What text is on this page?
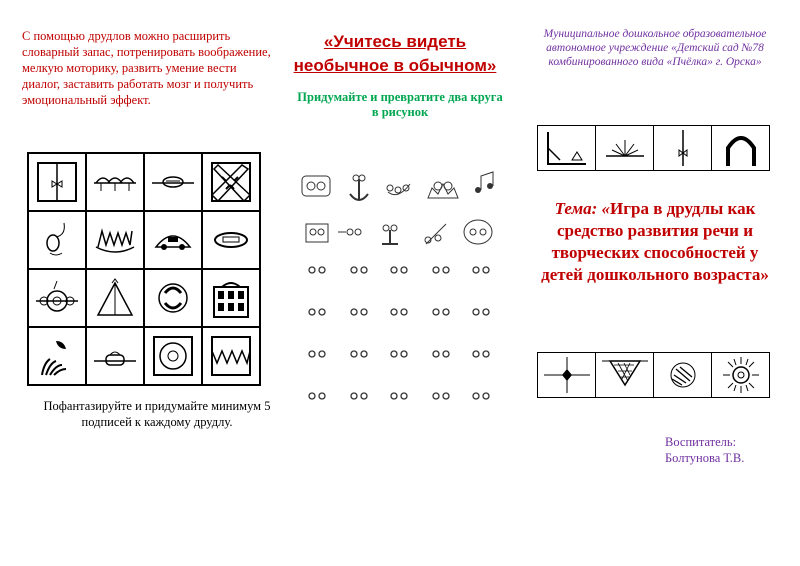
С помощью друдлов можно расширить словарный запас, потренировать воображение, мелкую моторику, развить умение вести диалог, заставить работать мозг и получить эмоциональный эффект.
Пофантазируйте и придумайте минимум 5 подписей к каждому друдлу.
«Учитесь видеть необычное в обычном»
Придумайте и превратите два круга в рисунок
Муниципальное дошкольное образовательное автономное учреждение «Детский сад №78 комбинированного вида «Пчёлка» г. Орска»
Тема: «Игра в друдлы как средство развития речи и творческих способностей у детей дошкольного возраста»
Воспитатель:
Болтунова Т.В.
